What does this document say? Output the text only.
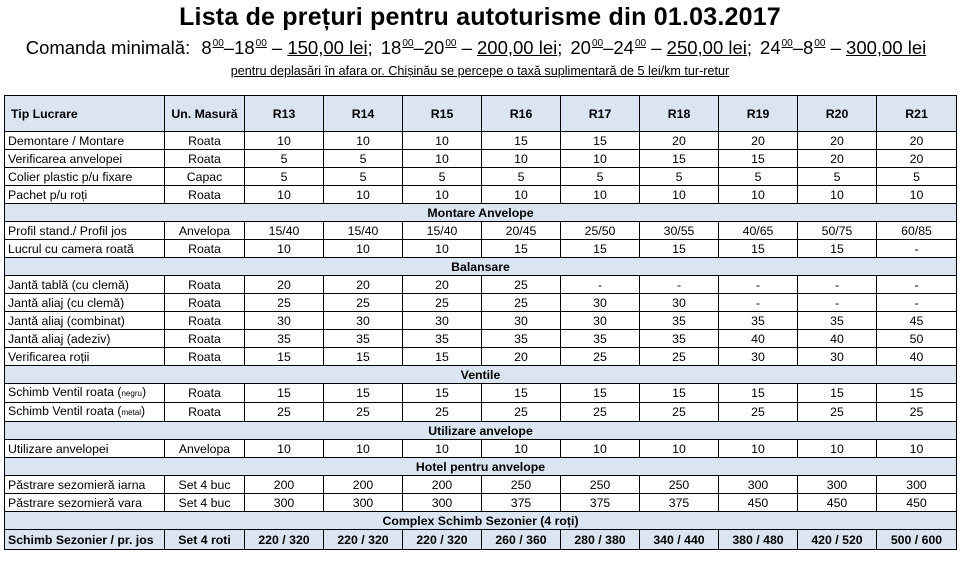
Lista de prețuri pentru autoturisme din 01.03.2017
Comanda minimală: $8^{00}-18^{00} - 150,00$ lei; $18^{00}-20^{00} - 200,00$ lei; $20^{00}-24^{00} - 250,00$ lei; $24^{00}-8^{00} - 300,00$ lei
pentru deplasări în afara or. Chișinău se percepe o taxă suplimentară de 5 lei/km tur-retur
Tip Lucrare	Un. Masură	R13	R14	R15	R16	R17	R18	R19	R20	R21
Demontare / Montare	Roata	10	10	10	15	15	20	20	20	20
Verificarea anvelopei	Roata	5	5	10	10	10	15	15	20	20
Colier plastic p/u fixare	Capac	5	5	5	5	5	5	5	5	5
Pachet p/u roți	Roata	10	10	10	10	10	10	10	10	10
Montare Anvelope										
Profil stand./ Profil jos	Anvelopa	15/40	15/40	15/40	20/45	25/50	30/55	40/65	50/75	60/85
Lucrul cu camera roată	Roata	10	10	10	15	15	15	15	15	-
Balansare										
Jantă tablă (cu clemă)	Roata	20	20	20	25	-	-	-	-	-
Jantă aliaj (cu clemă)	Roata	25	25	25	25	30	30	-	-	-
Jantă aliaj (combinat)	Roata	30	30	30	30	30	35	35	35	45
Jantă aliaj (adeziv)	Roata	35	35	35	35	35	35	40	40	50
Verificarea roții	Roata	15	15	15	20	25	25	30	30	40
Ventile										
Schimb Ventil roata (negru)	Roata	15	15	15	15	15	15	15	15	15
Schimb Ventil roata (metal)	Roata	25	25	25	25	25	25	25	25	25
Utilizare anvelope										
Utilizare anvelopei	Anvelopa	10	10	10	10	10	10	10	10	10
Hotel pentru anvelope										
Păstrare sezomieră iarna	Set 4 buc	200	200	200	250	250	250	300	300	300
Păstrare sezomieră vara	Set 4 buc	300	300	300	375	375	375	450	450	450
Complex Schimb Sezonier (4 roți)										
Schimb Sezonier / pr. jos	Set 4 roti	220 / 320	220 / 320	220 / 320	260 / 360	280 / 380	340 / 440	380 / 480	420 / 520	500 / 600
